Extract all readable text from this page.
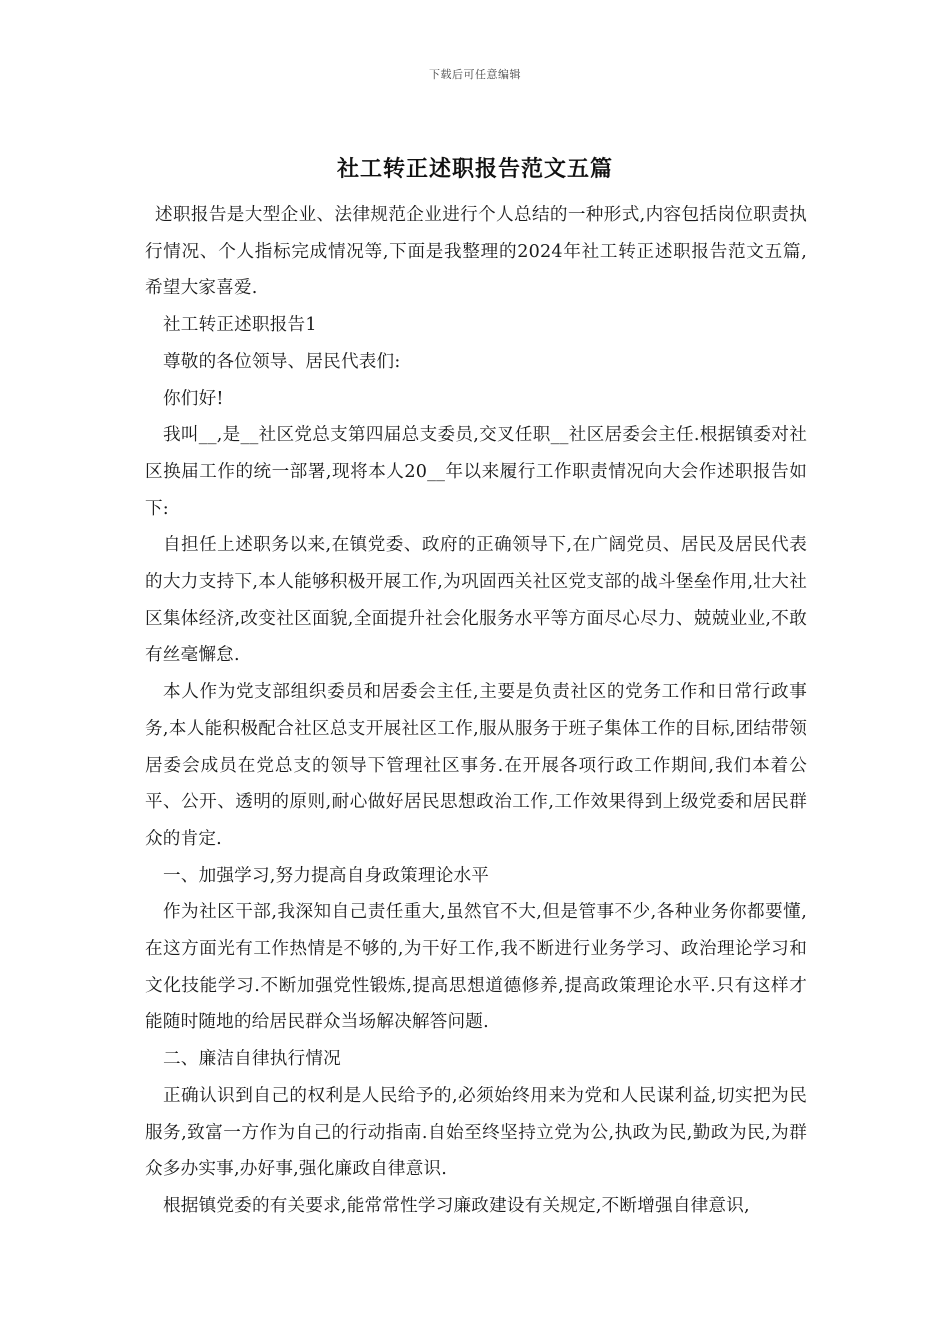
下载后可任意编辑
社工转正述职报告范文五篇

述职报告是大型企业、法律规范企业进行个人总结的一种形式,内容包括岗位职责执行情况、个人指标完成情况等,下面是我整理的2024年社工转正述职报告范文五篇,希望大家喜爱.

社工转正述职报告1

尊敬的各位领导、居民代表们:

你们好!

我叫__,是__社区党总支第四届总支委员,交叉任职__社区居委会主任.根据镇委对社区换届工作的统一部署,现将本人20__年以来履行工作职责情况向大会作述职报告如下:

自担任上述职务以来,在镇党委、政府的正确领导下,在广阔党员、居民及居民代表的大力支持下,本人能够积极开展工作,为巩固西关社区党支部的战斗堡垒作用,壮大社区集体经济,改变社区面貌,全面提升社会化服务水平等方面尽心尽力、兢兢业业,不敢有丝毫懈怠.

本人作为党支部组织委员和居委会主任,主要是负责社区的党务工作和日常行政事务,本人能积极配合社区总支开展社区工作,服从服务于班子集体工作的目标,团结带领居委会成员在党总支的领导下管理社区事务.在开展各项行政工作期间,我们本着公平、公开、透明的原则,耐心做好居民思想政治工作,工作效果得到上级党委和居民群众的肯定.

一、加强学习,努力提高自身政策理论水平

作为社区干部,我深知自己责任重大,虽然官不大,但是管事不少,各种业务你都要懂,在这方面光有工作热情是不够的,为干好工作,我不断进行业务学习、政治理论学习和文化技能学习.不断加强党性锻炼,提高思想道德修养,提高政策理论水平.只有这样才能随时随地的给居民群众当场解决解答问题.

二、廉洁自律执行情况

正确认识到自己的权利是人民给予的,必须始终用来为党和人民谋利益,切实把为民服务,致富一方作为自己的行动指南.自始至终坚持立党为公,执政为民,勤政为民,为群众多办实事,办好事,强化廉政自律意识.

根据镇党委的有关要求,能常常性学习廉政建设有关规定,不断增强自律意识,
